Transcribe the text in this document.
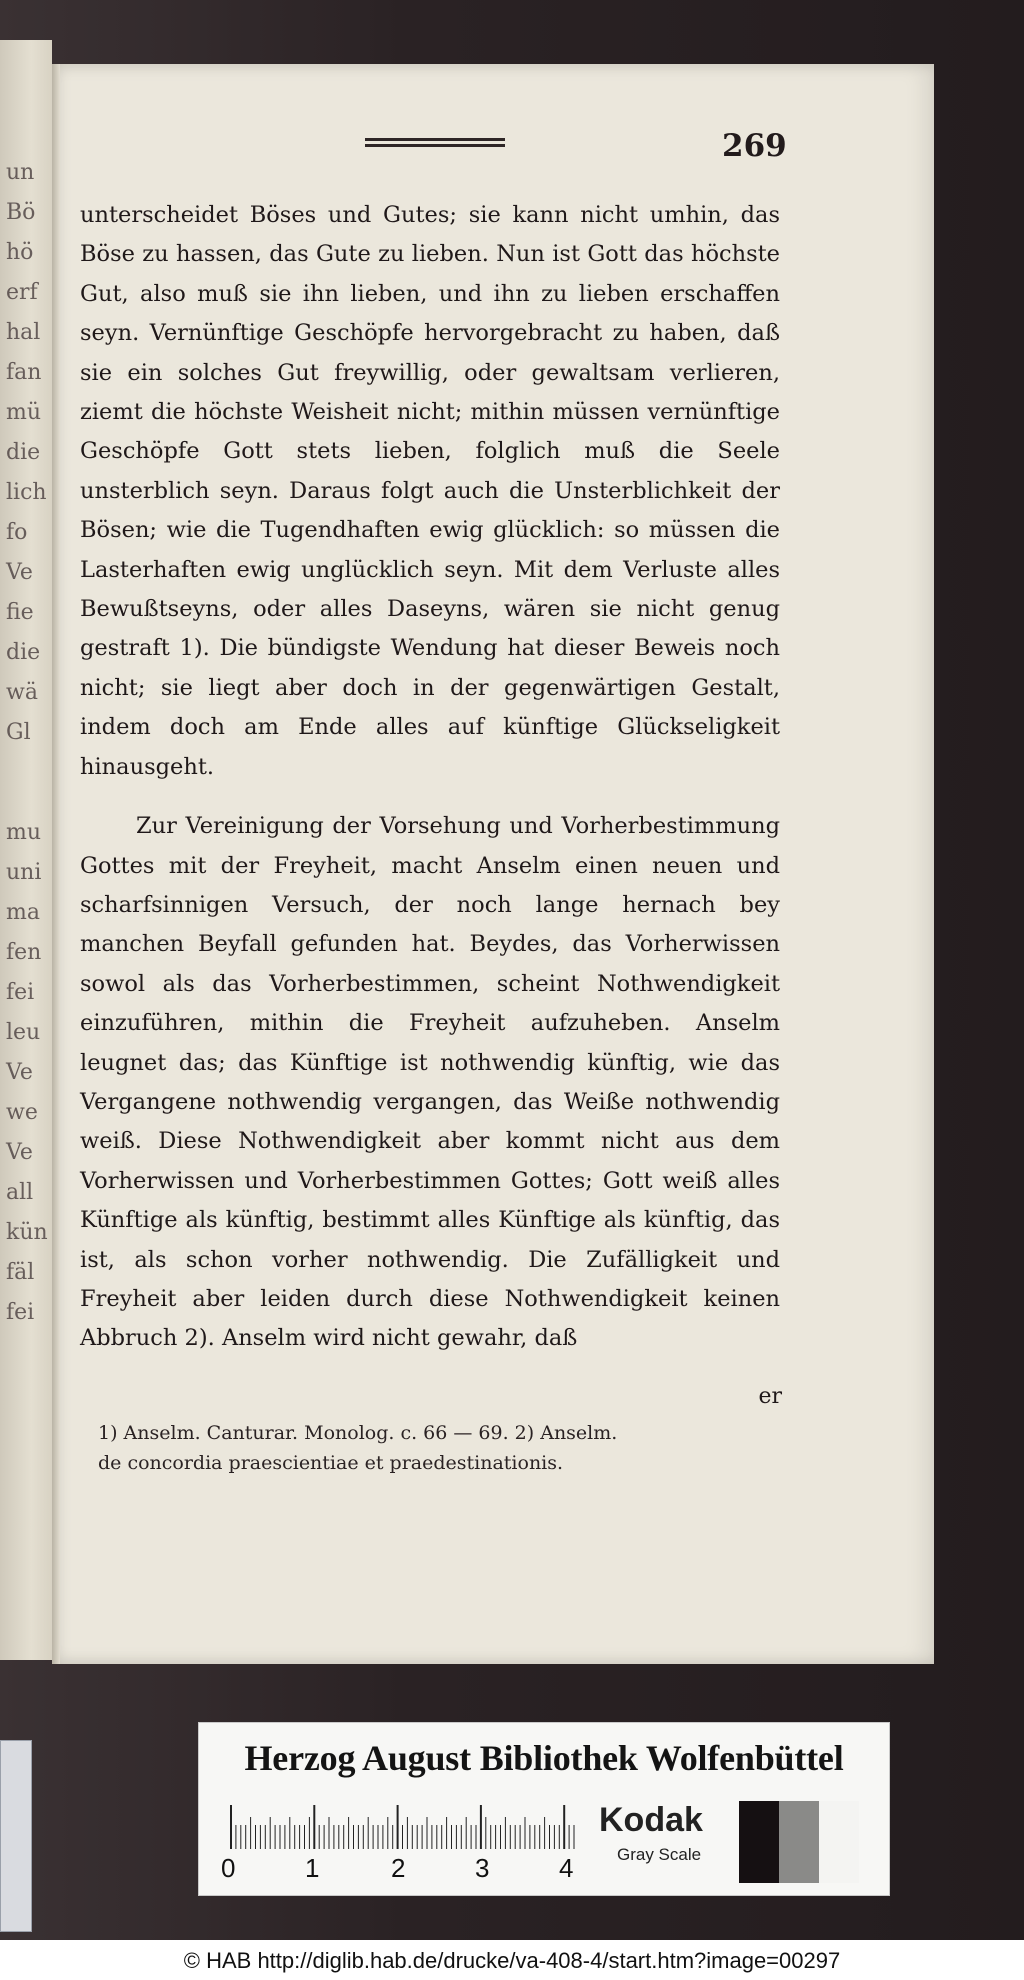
un
Bö
hö
erf
hal
fan
mü
die
lich
fo
Ve
fie
die
wä
Gl
mu
uni
ma
fen
fei
leu
Ve
we
Ve
all
kün
fäl
fei
269

unterscheidet Böses und Gutes; sie kann nicht umhin, das Böse zu hassen, das Gute zu lieben. Nun ist Gott das höchste Gut, also muß sie ihn lieben, und ihn zu lieben erschaffen seyn. Vernünftige Geschöpfe hervorgebracht zu haben, daß sie ein solches Gut freywillig, oder gewaltsam verlieren, ziemt die höchste Weisheit nicht; mithin müssen vernünftige Geschöpfe Gott stets lieben, folglich muß die Seele unsterblich seyn. Daraus folgt auch die Unsterblichkeit der Bösen; wie die Tugendhaften ewig glücklich: so müssen die Lasterhaften ewig unglücklich seyn. Mit dem Verluste alles Bewußtseyns, oder alles Daseyns, wären sie nicht genug gestraft 1). Die bündigste Wendung hat dieser Beweis noch nicht; sie liegt aber doch in der gegenwärtigen Gestalt, indem doch am Ende alles auf künftige Glückseligkeit hinausgeht.

Zur Vereinigung der Vorsehung und Vorherbestimmung Gottes mit der Freyheit, macht Anselm einen neuen und scharfsinnigen Versuch, der noch lange hernach bey manchen Beyfall gefunden hat. Beydes, das Vorherwissen sowol als das Vorherbestimmen, scheint Nothwendigkeit einzuführen, mithin die Freyheit aufzuheben. Anselm leugnet das; das Künftige ist nothwendig künftig, wie das Vergangene nothwendig vergangen, das Weiße nothwendig weiß. Diese Nothwendigkeit aber kommt nicht aus dem Vorherwissen und Vorherbestimmen Gottes; Gott weiß alles Künftige als künftig, bestimmt alles Künftige als künftig, das ist, als schon vorher nothwendig. Die Zufälligkeit und Freyheit aber leiden durch diese Nothwendigkeit keinen Abbruch 2). Anselm wird nicht gewahr, daß

er
1) Anselm. Canturar. Monolog. c. 66 — 69. 2) Anselm.
de concordia praescientiae et praedestinationis.
Herzog August Bibliothek Wolfenbüttel
0	1	2	3	4
Kodak
Gray Scale
© HAB http://diglib.hab.de/drucke/va-408-4/start.htm?image=00297
